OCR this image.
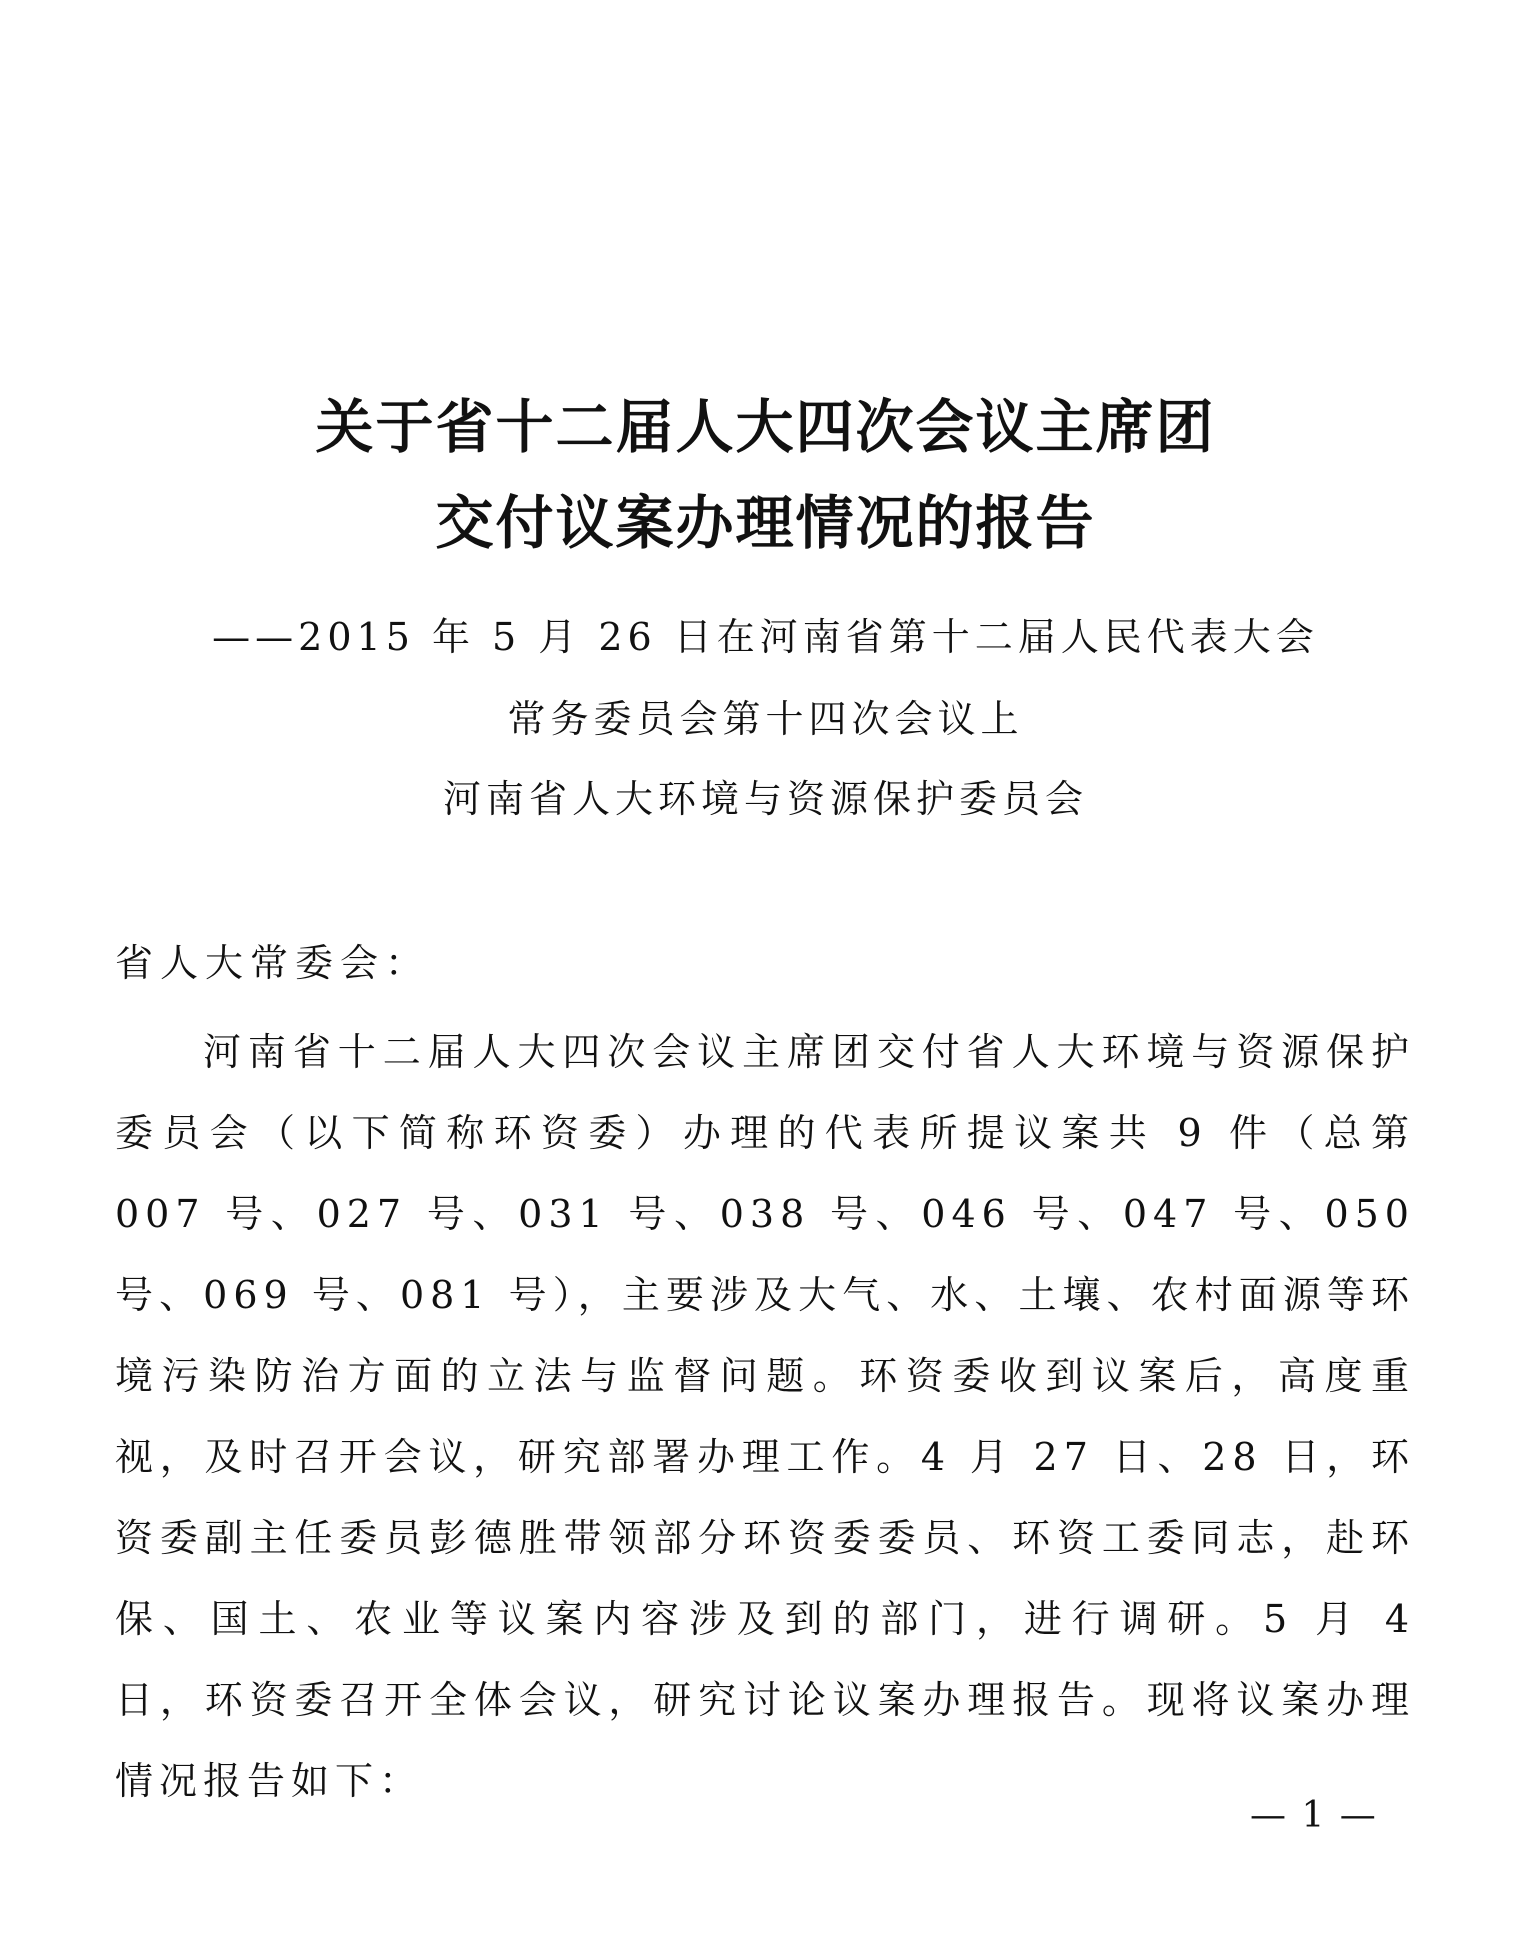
关于省十二届人大四次会议主席团
交付议案办理情况的报告
——2015 年 5 月 26 日在河南省第十二届人民代表大会
常务委员会第十四次会议上
河南省人大环境与资源保护委员会
省人大常委会：

河南省十二届人大四次会议主席团交付省人大环境与资源保护委员会（以下简称环资委）办理的代表所提议案共 9 件（总第 007 号、027 号、031 号、038 号、046 号、047 号、050 号、069 号、081 号），主要涉及大气、水、土壤、农村面源等环境污染防治方面的立法与监督问题。环资委收到议案后，高度重视，及时召开会议，研究部署办理工作。4 月 27 日、28 日，环资委副主任委员彭德胜带领部分环资委委员、环资工委同志，赴环保、国土、农业等议案内容涉及到的部门，进行调研。5 月 4 日，环资委召开全体会议，研究讨论议案办理报告。现将议案办理情况报告如下：

— 1 —
